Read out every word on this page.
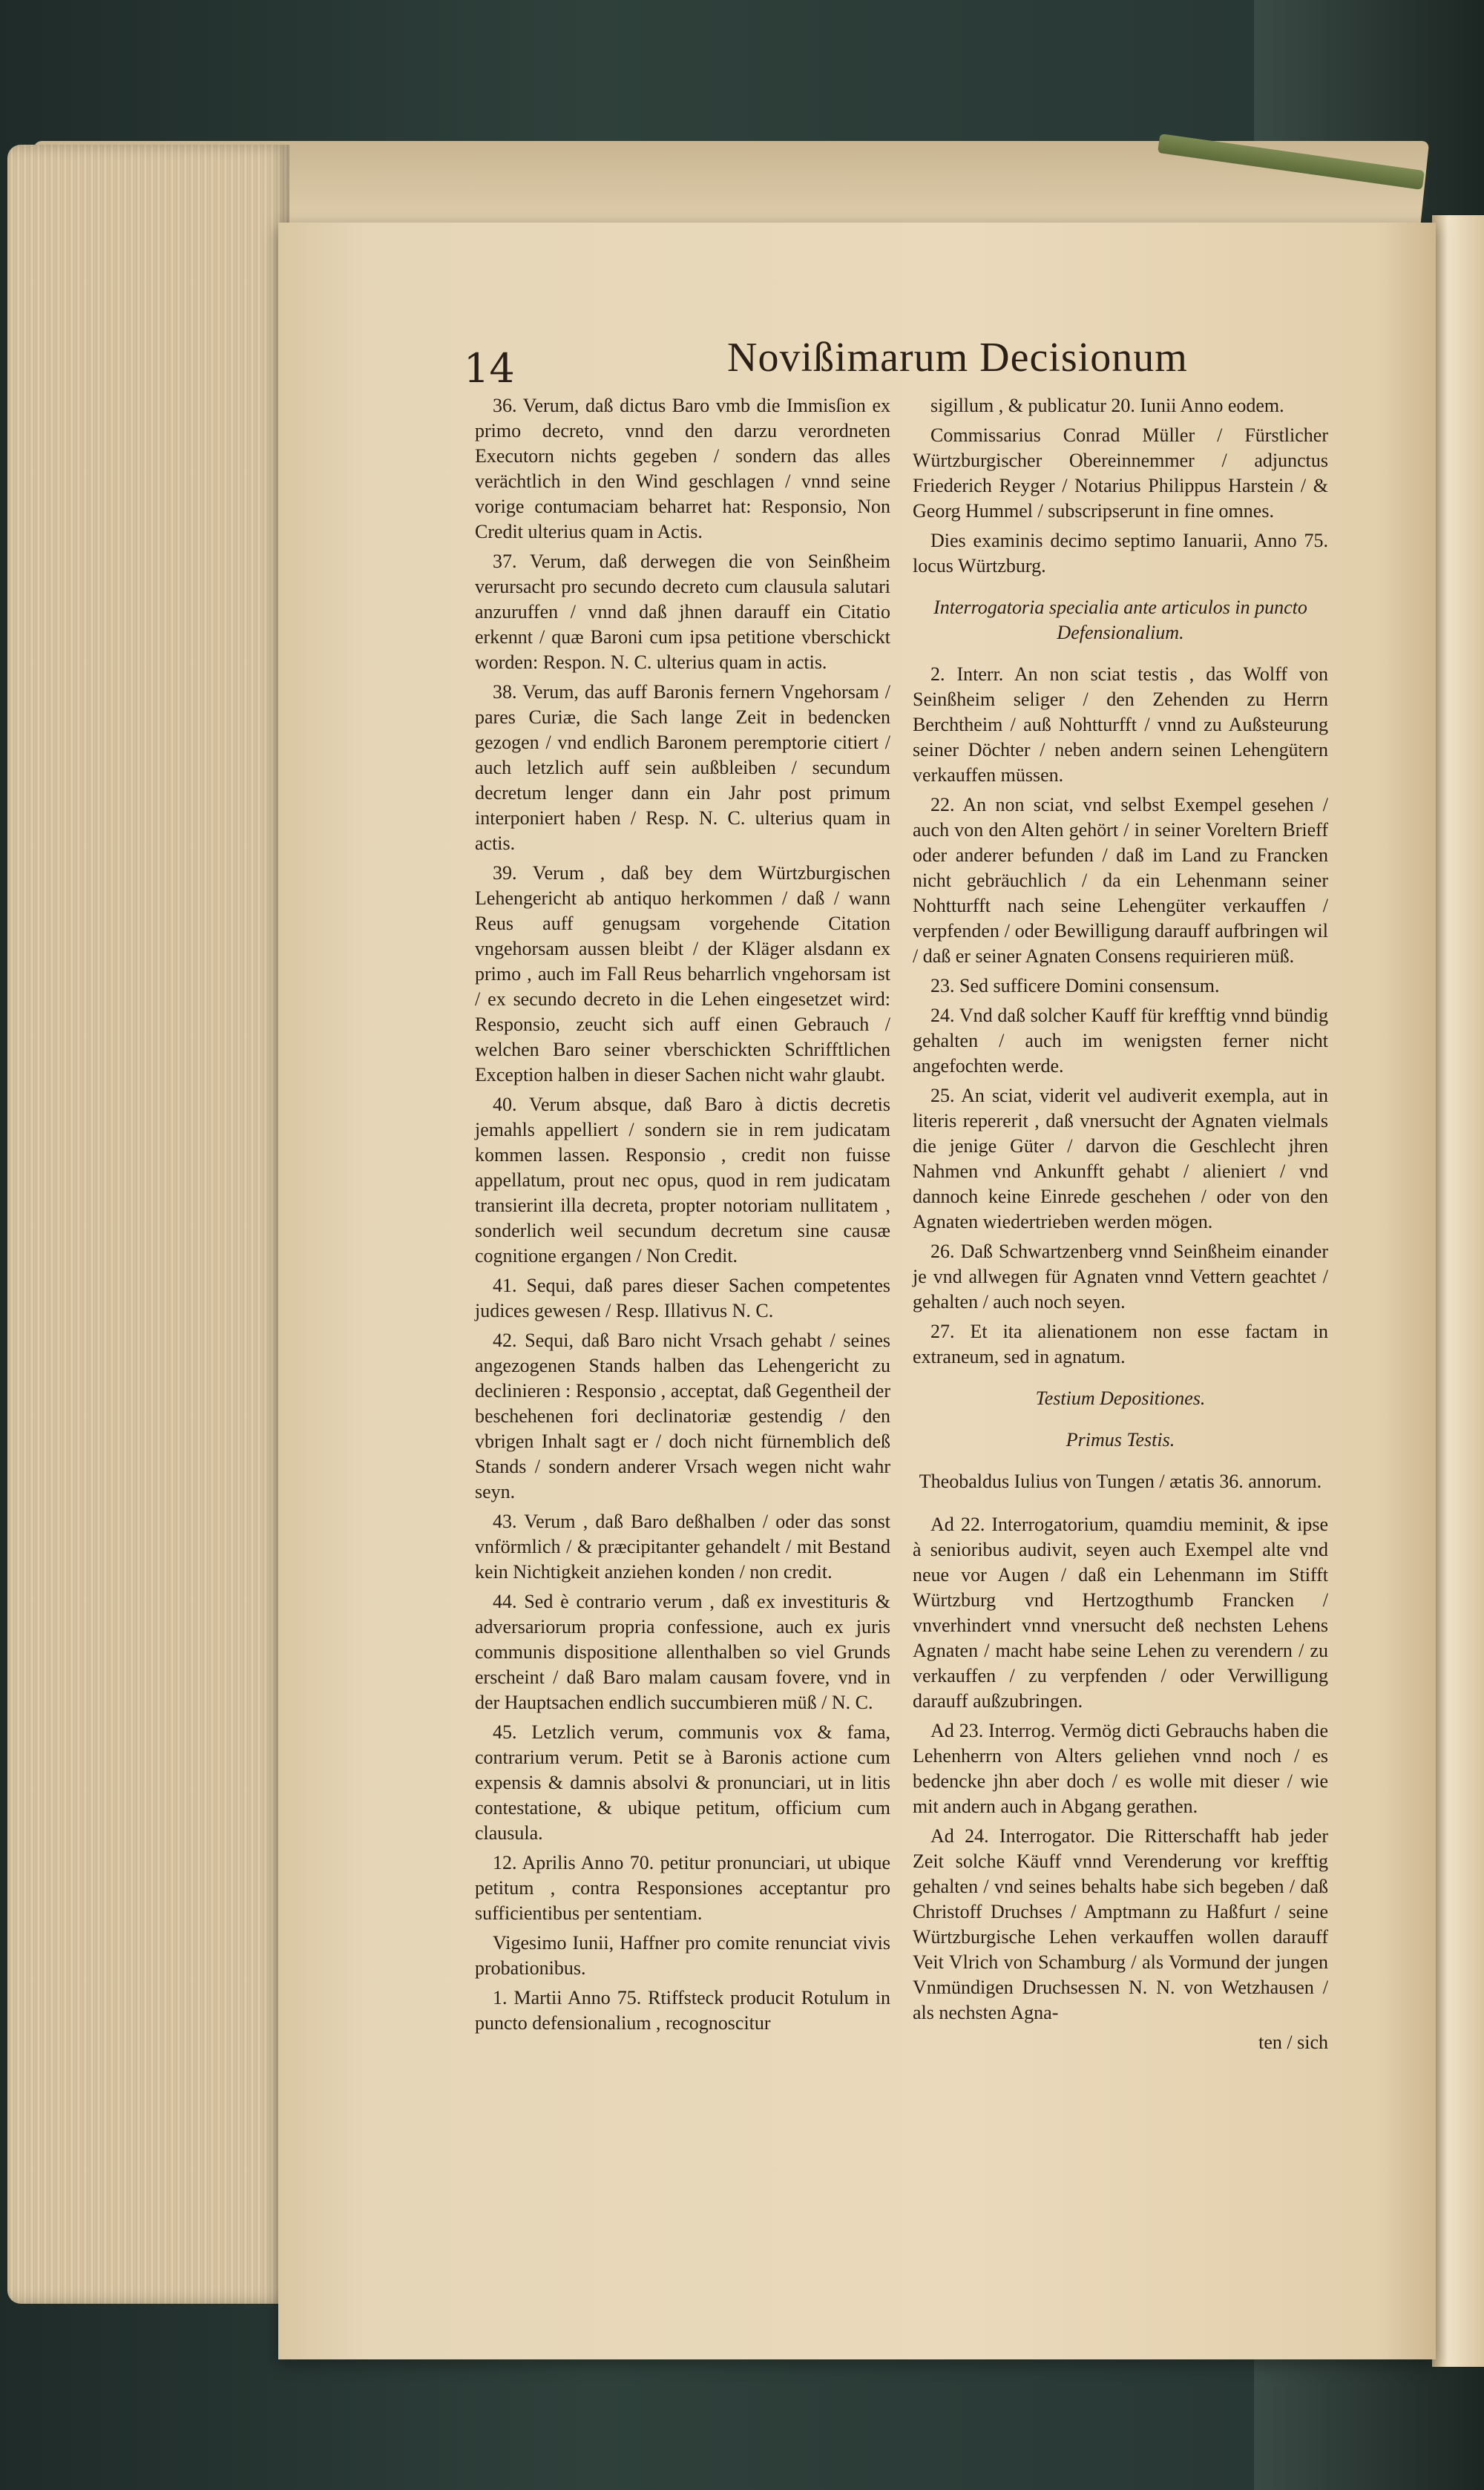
14	Novißimarum Decisionum

36. Verum, daß dictus Baro vmb die Immisſion ex primo decreto, vnnd den darzu verordneten Executorn nichts gegeben / sondern das alles verächtlich in den Wind geschlagen / vnnd seine vorige contumaciam beharret hat: Responsio, Non Credit ulterius quam in Actis.

37. Verum, daß derwegen die von Seinßheim verursacht pro secundo decreto cum clausula salutari anzuruffen / vnnd daß jhnen darauff ein Citatio erkennt / quæ Baroni cum ipsa petitione vberschickt worden: Respon. N. C. ulterius quam in actis.

38. Verum, das auff Baronis fernern Vngehorsam / pares Curiæ, die Sach lange Zeit in bedencken gezogen / vnd endlich Baronem peremptorie citiert / auch letzlich auff sein außbleiben / secundum decretum lenger dann ein Jahr post primum interponiert haben / Resp. N. C. ulterius quam in actis.

39. Verum , daß bey dem Würtzburgischen Lehengericht ab antiquo herkommen / daß / wann Reus auff genugsam vorgehende Citation vngehorsam aussen bleibt / der Kläger alsdann ex primo , auch im Fall Reus beharrlich vngehorsam ist / ex secundo decreto in die Lehen eingesetzet wird: Responsio, zeucht sich auff einen Gebrauch / welchen Baro seiner vberschickten Schrifftlichen Exception halben in dieser Sachen nicht wahr glaubt.

40. Verum absque, daß Baro à dictis decretis jemahls appelliert / sondern sie in rem judicatam kommen lassen. Responsio , credit non fuisse appellatum, prout nec opus, quod in rem judicatam transierint illa decreta, propter notoriam nullitatem , sonderlich weil secundum decretum sine causæ cognitione ergangen / Non Credit.

41. Sequi, daß pares dieser Sachen competentes judices gewesen / Resp. Illativus N. C.

42. Sequi, daß Baro nicht Vrsach gehabt / seines angezogenen Stands halben das Lehengericht zu declinieren : Responsio , acceptat, daß Gegentheil der beschehenen fori declinatoriæ gestendig / den vbrigen Inhalt sagt er / doch nicht fürnemblich deß Stands / sondern anderer Vrsach wegen nicht wahr seyn.

43. Verum , daß Baro deßhalben / oder das sonst vnförmlich / & præcipitanter gehandelt / mit Bestand kein Nichtigkeit anziehen konden / non credit.

44. Sed è contrario verum , daß ex investituris & adversariorum propria confessione, auch ex juris communis dispositione allenthalben so viel Grunds erscheint / daß Baro malam causam fovere, vnd in der Hauptsachen endlich succumbieren müß / N. C.

45. Letzlich verum, communis vox & fama, contrarium verum. Petit se à Baronis actione cum expensis & damnis absolvi & pronunciari, ut in litis contestatione, & ubique petitum, officium cum clausula.

12. Aprilis Anno 70. petitur pronunciari, ut ubique petitum , contra Responsiones acceptantur pro sufficientibus per sententiam.

Vigesimo Iunii, Haffner pro comite renunciat vivis probationibus.

1. Martii Anno 75. Rtiffsteck producit Rotulum in puncto defensionalium , recognoscitur

sigillum , & publicatur 20. Iunii Anno eodem.

Commissarius Conrad Müller / Fürstlicher Würtzburgischer Obereinnemmer / adjunctus Friederich Reyger / Notarius Philippus Harstein / & Georg Hummel / subscripserunt in fine omnes.

Dies examinis decimo septimo Ianuarii, Anno 75. locus Würtzburg.

Interrogatoria specialia ante articulos in puncto Defensionalium.

2. Interr. An non sciat testis , das Wolff von Seinßheim seliger / den Zehenden zu Herrn Berchtheim / auß Nohtturfft / vnnd zu Außsteurung seiner Döchter / neben andern seinen Lehengütern verkauffen müssen.

22. An non sciat, vnd selbst Exempel gesehen / auch von den Alten gehört / in seiner Voreltern Brieff oder anderer befunden / daß im Land zu Francken nicht gebräuchlich / da ein Lehenmann seiner Nohtturfft nach seine Lehengüter verkauffen / verpfenden / oder Bewilligung darauff aufbringen wil / daß er seiner Agnaten Consens requirieren müß.

23. Sed sufficere Domini consensum.

24. Vnd daß solcher Kauff für krefftig vnnd bündig gehalten / auch im wenigsten ferner nicht angefochten werde.

25. An sciat, viderit vel audiverit exempla, aut in literis repererit , daß vnersucht der Agnaten vielmals die jenige Güter / darvon die Geschlecht jhren Nahmen vnd Ankunfft gehabt / alieniert / vnd dannoch keine Einrede geschehen / oder von den Agnaten wiedertrieben werden mögen.

26. Daß Schwartzenberg vnnd Seinßheim einander je vnd allwegen für Agnaten vnnd Vettern geachtet / gehalten / auch noch seyen.

27. Et ita alienationem non esse factam in extraneum, sed in agnatum.

Testium Depositiones.

Primus Testis.

Theobaldus Iulius von Tungen / ætatis 36. annorum.

Ad 22. Interrogatorium, quamdiu meminit, & ipse à senioribus audivit, seyen auch Exempel alte vnd neue vor Augen / daß ein Lehenmann im Stifft Würtzburg vnd Hertzogthumb Francken / vnverhindert vnnd vnersucht deß nechsten Lehens Agnaten / macht habe seine Lehen zu verendern / zu verkauffen / zu verpfenden / oder Verwilligung darauff außzubringen.

Ad 23. Interrog. Vermög dicti Gebrauchs haben die Lehenherrn von Alters geliehen vnnd noch / es bedencke jhn aber doch / es wolle mit dieser / wie mit andern auch in Abgang gerathen.

Ad 24. Interrogator. Die Ritterschafft hab jeder Zeit solche Käuff vnnd Verenderung vor krefftig gehalten / vnd seines behalts habe sich begeben / daß Christoff Druchses / Amptmann zu Haßfurt / seine Würtzburgische Lehen verkauffen wollen darauff Veit Vlrich von Schamburg / als Vormund der jungen Vnmündigen Druchsessen N. N. von Wetzhausen / als nechsten Agna-

ten / sich
